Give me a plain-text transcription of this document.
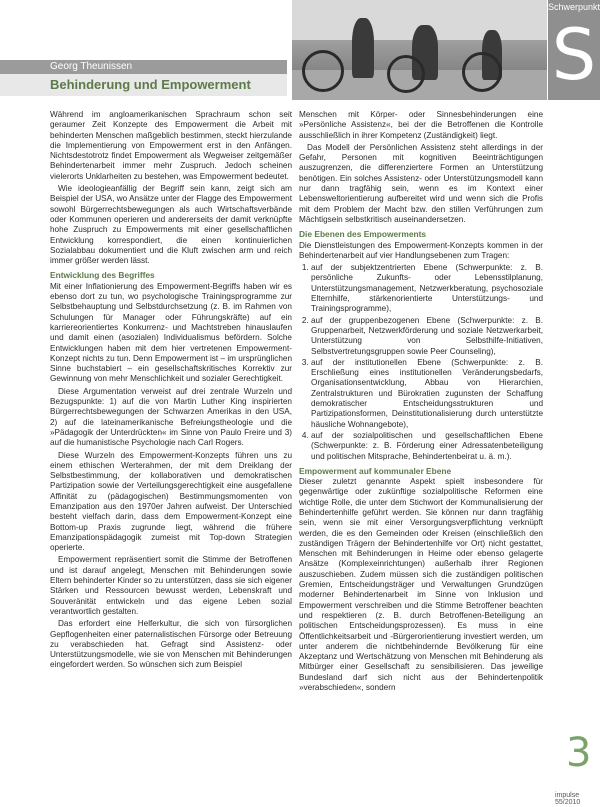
Schwerpunkt
S
Georg Theunissen
Behinderung und Empowerment

Während im angloamerikanischen Sprachraum schon seit geraumer Zeit Konzepte des Empowerment die Arbeit mit behinderten Menschen maßgeblich bestimmen, steckt hierzulande die Implementierung von Empowerment erst in den Anfängen. Nichtsdestotrotz findet Empowerment als Wegweiser zeitgemäßer Behindertenarbeit immer mehr Zuspruch. Jedoch scheinen vielerorts Unklarheiten zu bestehen, was Empowerment bedeutet.

Wie ideologieanfällig der Begriff sein kann, zeigt sich am Beispiel der USA, wo Ansätze unter der Flagge des Empowerment sowohl Bürgerrechtsbewegungen als auch Wirtschaftsverbände oder Kommunen operieren und andererseits der damit verknüpfte hohe Zuspruch zu Empowerments mit einer gesellschaftlichen Entwicklung korrespondiert, die einen kontinuierlichen Sozialabbau dokumentiert und die Kluft zwischen arm und reich immer größer werden lässt.

Entwicklung des Begriffes

Mit einer Inflationierung des Empowerment-Begriffs haben wir es ebenso dort zu tun, wo psychologische Trainingsprogramme zur Selbstbehauptung und Selbstdurchsetzung (z. B. im Rahmen von Schulungen für Manager oder Führungskräfte) auf ein karriereorientiertes Konkurrenz- und Machtstreben hinauslaufen und damit einen (asozialen) Individualismus befördern. Solche Entwicklungen haben mit dem hier vertretenen Empowerment-Konzept nichts zu tun. Denn Empowerment ist – im ursprünglichen Sinne buchstabiert – ein gesellschaftskritisches Korrektiv zur Gewinnung von mehr Menschlichkeit und sozialer Gerechtigkeit.

Diese Argumentation verweist auf drei zentrale Wurzeln und Bezugspunkte: 1) auf die von Martin Luther King inspirierten Bürgerrechtsbewegungen der Schwarzen Amerikas in den USA, 2) auf die lateinamerikanische Befreiungstheologie und die »Pädagogik der Unterdrückten« im Sinne von Paulo Freire und 3) auf die humanistische Psychologie nach Carl Rogers.

Diese Wurzeln des Empowerment-Konzepts führen uns zu einem ethischen Werterahmen, der mit dem Dreiklang der Selbstbestimmung, der kollaborativen und demokratischen Partizipation sowie der Verteilungsgerechtigkeit eine ausgefallene Affinität zu (pädagogischen) Bestimmungsmomenten von Emanzipation aus den 1970er Jahren aufweist. Der Unterschied besteht vielfach darin, dass dem Empowerment-Konzept eine Bottom-up Praxis zugrunde liegt, während die frühere Emanzipationspädagogik zumeist mit Top-down Strategien operierte.

Empowerment repräsentiert somit die Stimme der Betroffenen und ist darauf angelegt, Menschen mit Behinderungen sowie Eltern behinderter Kinder so zu unterstützen, dass sie sich eigener Stärken und Ressourcen bewusst werden, Lebenskraft und Souveränität entwickeln und das eigene Leben sozial verantwortlich gestalten.

Das erfordert eine Helferkultur, die sich von fürsorglichen Gepflogenheiten einer paternalistischen Fürsorge oder Betreuung zu verabschieden hat. Gefragt sind Assistenz- oder Unterstützungsmodelle, wie sie von Menschen mit Behinderungen eingefordert werden. So wünschen sich zum Beispiel

Menschen mit Körper- oder Sinnesbehinderungen eine »Persönliche Assistenz«, bei der die Betroffenen die Kontrolle ausschließlich in ihrer Kompetenz (Zuständigkeit) liegt.

Das Modell der Persönlichen Assistenz steht allerdings in der Gefahr, Personen mit kognitiven Beeinträchtigungen auszugrenzen, die differenziertere Formen an Unterstützung benötigen. Ein solches Assistenz- oder Unterstützungsmodell kann nur dann tragfähig sein, wenn es im Kontext einer Lebensweltorientierung aufbereitet wird und wenn sich die Profis mit dem Problem der Macht bzw. den stillen Verführungen zum Mächtigsein selbstkritisch auseinandersetzen.

Die Ebenen des Empowerments

Die Dienstleistungen des Empowerment-Konzepts kommen in der Behindertenarbeit auf vier Handlungsebenen zum Tragen:

1. auf der subjektzentrierten Ebene (Schwerpunkte: z. B. persönliche Zukunfts- oder Lebensstilplanung, Unterstützungsmanagement, Netzwerkberatung, psychosoziale Elternhilfe, stärkenorientierte Unterstützungs- und Trainingsprogramme),
2. auf der gruppenbezogenen Ebene (Schwerpunkte: z. B. Gruppenarbeit, Netzwerkförderung und soziale Netzwerkarbeit, Unterstützung von Selbsthilfe-Initiativen, Selbstvertretungsgruppen sowie Peer Counseling),
3. auf der institutionellen Ebene (Schwerpunkte: z. B. Erschließung eines institutionellen Veränderungsbedarfs, Organisationsentwicklung, Abbau von Hierarchien, Zentralstrukturen und Bürokratien zugunsten der Schaffung demokratischer Entscheidungsstrukturen und Partizipationsformen, Deinstitutionalisierung durch unterstützte häusliche Wohnangebote),
4. auf der sozialpolitischen und gesellschaftlichen Ebene (Schwerpunkte: z. B. Förderung einer Adressatenbeteiligung und politischen Mitsprache, Behindertenbeirat u. ä. m.).
Empowerment auf kommunaler Ebene

Dieser zuletzt genannte Aspekt spielt insbesondere für gegenwärtige oder zukünftige sozialpolitische Reformen eine wichtige Rolle, die unter dem Stichwort der Kommunalisierung der Behindertenhilfe geführt werden. Sie können nur dann tragfähig sein, wenn sie mit einer Versorgungsverpflichtung verknüpft werden, die es den Gemeinden oder Kreisen (einschließlich den zuständigen Trägern der Behindertenhilfe vor Ort) nicht gestattet, Menschen mit Behinderungen in Heime oder ebenso gelagerte Ansätze (Komplexeinrichtungen) außerhalb ihrer Regionen auszuschieben. Zudem müssen sich die zuständigen politischen Gremien, Entscheidungsträger und Verwaltungen Grundzügen moderner Behindertenarbeit im Sinne von Inklusion und Empowerment verschreiben und die Stimme Betroffener beachten und respektieren (z. B. durch Betroffenen-Beteiligung an politischen Entscheidungsprozessen). Es muss in eine Öffentlichkeitsarbeit und -Bürgerorientierung investiert werden, um unter anderem die nichtbehindernde Bevölkerung für eine Akzeptanz und Wertschätzung von Menschen mit Behinderung als Mitbürger einer Gesellschaft zu sensibilisieren. Das jeweilige Bundesland darf sich nicht aus der Behindertenpolitik »verabschieden«, sondern

3
impulse 55/2010
